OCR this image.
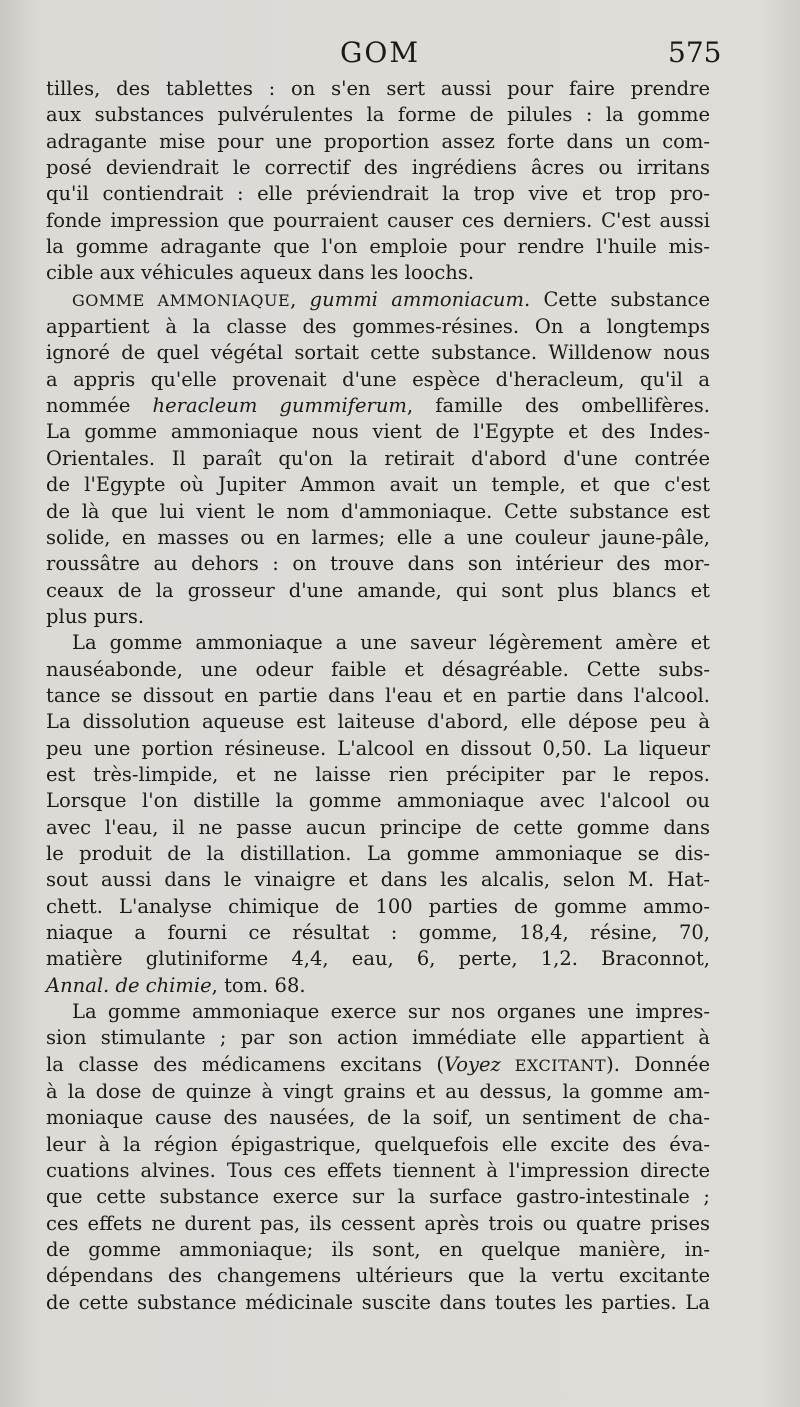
GOM	575

tilles, des tablettes : on s'en sert aussi pour faire prendre

aux substances pulvérulentes la forme de pilules : la gomme

adragante mise pour une proportion assez forte dans un com-

posé deviendrait le correctif des ingrédiens âcres ou irritans

qu'il contiendrait : elle préviendrait la trop vive et trop pro-

fonde impression que pourraient causer ces derniers. C'est aussi

la gomme adragante que l'on emploie pour rendre l'huile mis-

cible aux véhicules aqueux dans les loochs.

GOMME AMMONIAQUE, gummi ammoniacum. Cette substance

appartient à la classe des gommes-résines. On a longtemps

ignoré de quel végétal sortait cette substance. Willdenow nous

a appris qu'elle provenait d'une espèce d'heracleum, qu'il a

nommée heracleum gummiferum, famille des ombellifères.

La gomme ammoniaque nous vient de l'Egypte et des Indes-

Orientales. Il paraît qu'on la retirait d'abord d'une contrée

de l'Egypte où Jupiter Ammon avait un temple, et que c'est

de là que lui vient le nom d'ammoniaque. Cette substance est

solide, en masses ou en larmes; elle a une couleur jaune-pâle,

roussâtre au dehors : on trouve dans son intérieur des mor-

ceaux de la grosseur d'une amande, qui sont plus blancs et

plus purs.

La gomme ammoniaque a une saveur légèrement amère et

nauséabonde, une odeur faible et désagréable. Cette subs-

tance se dissout en partie dans l'eau et en partie dans l'alcool.

La dissolution aqueuse est laiteuse d'abord, elle dépose peu à

peu une portion résineuse. L'alcool en dissout 0,50. La liqueur

est très-limpide, et ne laisse rien précipiter par le repos.

Lorsque l'on distille la gomme ammoniaque avec l'alcool ou

avec l'eau, il ne passe aucun principe de cette gomme dans

le produit de la distillation. La gomme ammoniaque se dis-

sout aussi dans le vinaigre et dans les alcalis, selon M. Hat-

chett. L'analyse chimique de 100 parties de gomme ammo-

niaque a fourni ce résultat : gomme, 18,4, résine, 70,

matière glutiniforme 4,4, eau, 6, perte, 1,2. Braconnot,

Annal. de chimie, tom. 68.

La gomme ammoniaque exerce sur nos organes une impres-

sion stimulante ; par son action immédiate elle appartient à

la classe des médicamens excitans (Voyez EXCITANT). Donnée

à la dose de quinze à vingt grains et au dessus, la gomme am-

moniaque cause des nausées, de la soif, un sentiment de cha-

leur à la région épigastrique, quelquefois elle excite des éva-

cuations alvines. Tous ces effets tiennent à l'impression directe

que cette substance exerce sur la surface gastro-intestinale ;

ces effets ne durent pas, ils cessent après trois ou quatre prises

de gomme ammoniaque; ils sont, en quelque manière, in-

dépendans des changemens ultérieurs que la vertu excitante

de cette substance médicinale suscite dans toutes les parties. La
